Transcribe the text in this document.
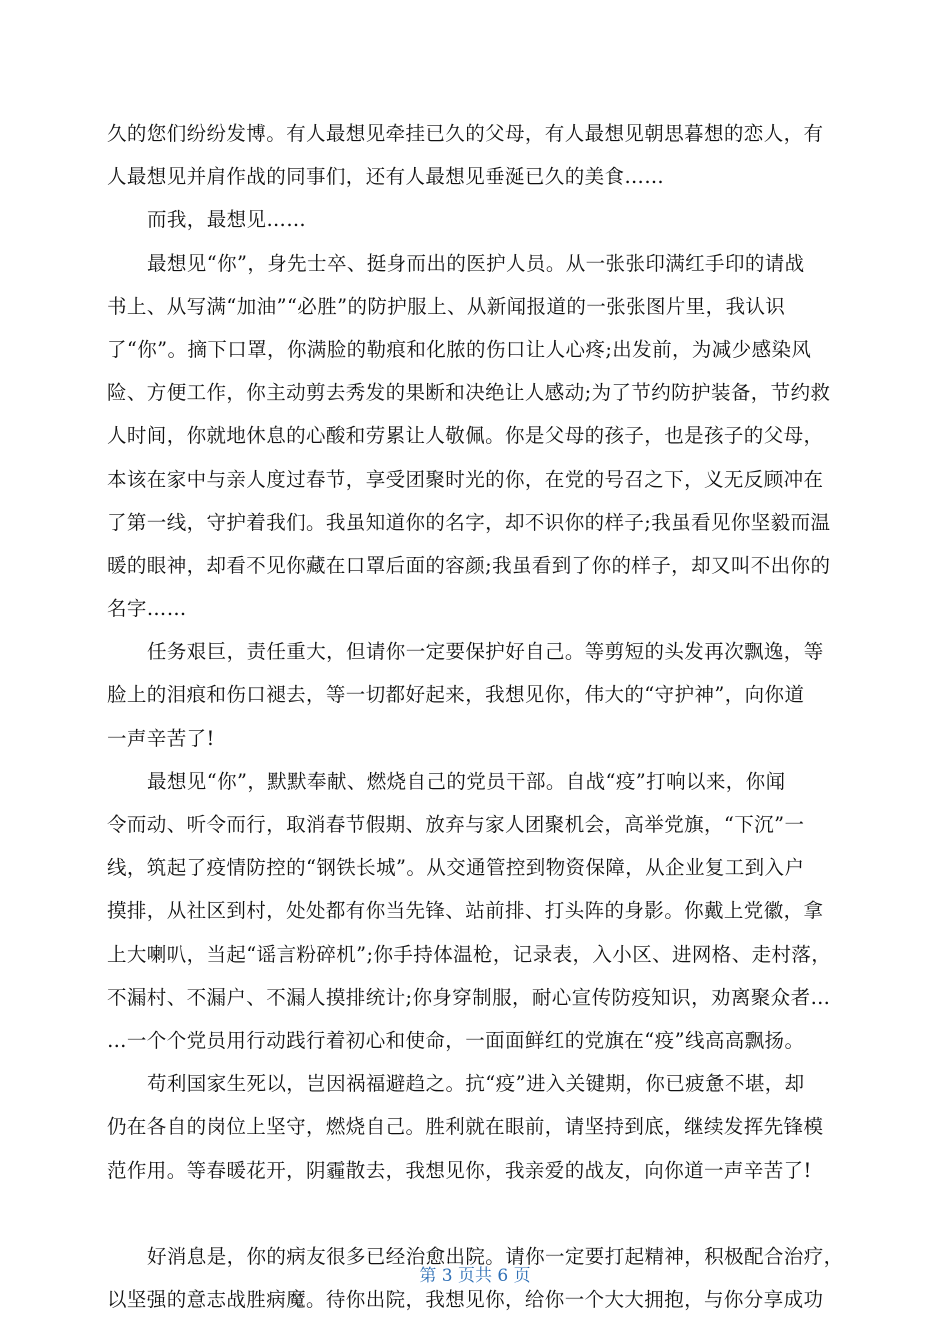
久的您们纷纷发博。有人最想见牵挂已久的父母，有人最想见朝思暮想的恋人，有
人最想见并肩作战的同事们，还有人最想见垂涎已久的美食……
而我，最想见……
最想见“你”，身先士卒、挺身而出的医护人员。从一张张印满红手印的请战
书上、从写满“加油”“必胜”的防护服上、从新闻报道的一张张图片里，我认识
了“你”。摘下口罩，你满脸的勒痕和化脓的伤口让人心疼;出发前，为减少感染风
险、方便工作，你主动剪去秀发的果断和决绝让人感动;为了节约防护装备，节约救
人时间，你就地休息的心酸和劳累让人敬佩。你是父母的孩子，也是孩子的父母，
本该在家中与亲人度过春节，享受团聚时光的你，在党的号召之下，义无反顾冲在
了第一线，守护着我们。我虽知道你的名字，却不识你的样子;我虽看见你坚毅而温
暖的眼神，却看不见你藏在口罩后面的容颜;我虽看到了你的样子，却又叫不出你的
名字……
任务艰巨，责任重大，但请你一定要保护好自己。等剪短的头发再次飘逸，等
脸上的泪痕和伤口褪去，等一切都好起来，我想见你，伟大的“守护神”，向你道
一声辛苦了!
最想见“你”，默默奉献、燃烧自己的党员干部。自战“疫”打响以来，你闻
令而动、听令而行，取消春节假期、放弃与家人团聚机会，高举党旗，“下沉”一
线，筑起了疫情防控的“钢铁长城”。从交通管控到物资保障，从企业复工到入户
摸排，从社区到村，处处都有你当先锋、站前排、打头阵的身影。你戴上党徽，拿
上大喇叭，当起“谣言粉碎机”;你手持体温枪，记录表，入小区、进网格、走村落，
不漏村、不漏户、不漏人摸排统计;你身穿制服，耐心宣传防疫知识，劝离聚众者…
…一个个党员用行动践行着初心和使命，一面面鲜红的党旗在“疫”线高高飘扬。
苟利国家生死以，岂因祸福避趋之。抗“疫”进入关键期，你已疲惫不堪，却
仍在各自的岗位上坚守，燃烧自己。胜利就在眼前，请坚持到底，继续发挥先锋模
范作用。等春暖花开，阴霾散去，我想见你，我亲爱的战友，向你道一声辛苦了!
好消息是，你的病友很多已经治愈出院。请你一定要打起精神，积极配合治疗，
以坚强的意志战胜病魔。待你出院，我想见你，给你一个大大拥抱，与你分享成功
第 3 页共 6 页
